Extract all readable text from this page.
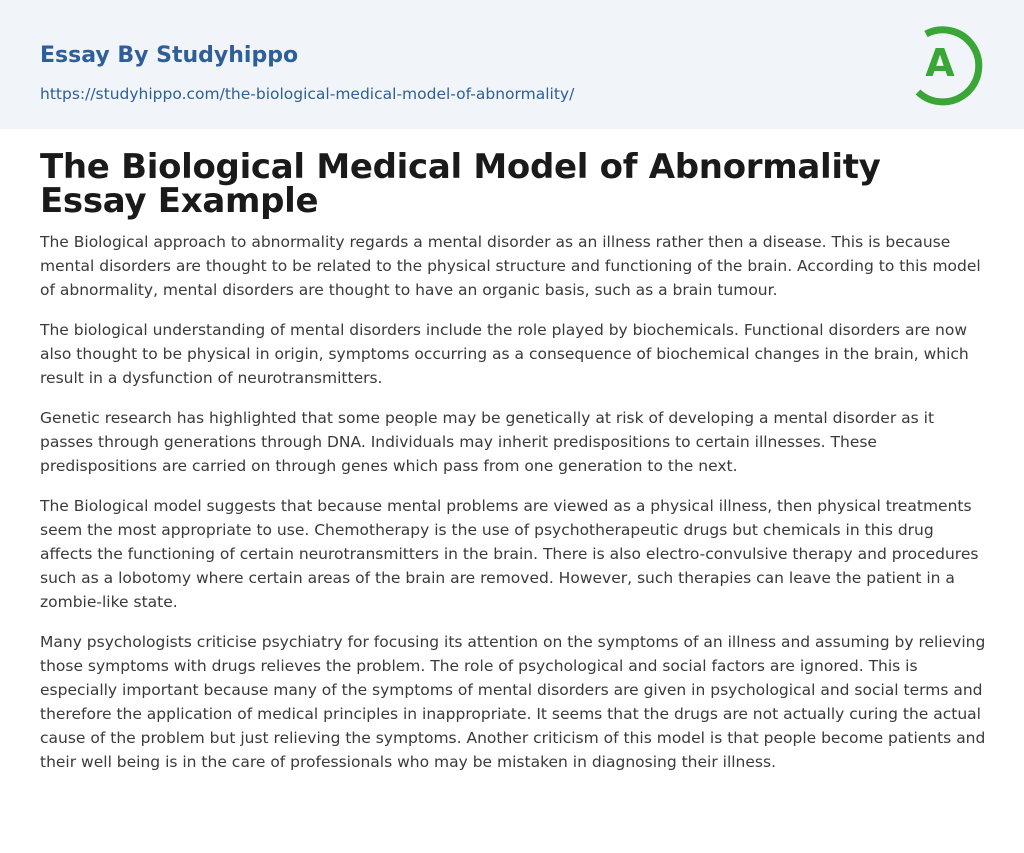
Essay By Studyhippo
https://studyhippo.com/the-biological-medical-model-of-abnormality/
A
The Biological Medical Model of Abnormality Essay Example

The Biological approach to abnormality regards a mental disorder as an illness rather then a disease. This is because mental disorders are thought to be related to the physical structure and functioning of the brain. According to this model of abnormality, mental disorders are thought to have an organic basis, such as a brain tumour.

The biological understanding of mental disorders include the role played by biochemicals. Functional disorders are now also thought to be physical in origin, symptoms occurring as a consequence of biochemical changes in the brain, which result in a dysfunction of neurotransmitters.

Genetic research has highlighted that some people may be genetically at risk of developing a mental disorder as it passes through generations through DNA. Individuals may inherit predispositions to certain illnesses. These predispositions are carried on through genes which pass from one generation to the next.

The Biological model suggests that because mental problems are viewed as a physical illness, then physical treatments seem the most appropriate to use. Chemotherapy is the use of psychotherapeutic drugs but chemicals in this drug affects the functioning of certain neurotransmitters in the brain. There is also electro-convulsive therapy and procedures such as a lobotomy where certain areas of the brain are removed. However, such therapies can leave the patient in a zombie-like state.

Many psychologists criticise psychiatry for focusing its attention on the symptoms of an illness and assuming by relieving those symptoms with drugs relieves the problem. The role of psychological and social factors are ignored. This is especially important because many of the symptoms of mental disorders are given in psychological and social terms and therefore the application of medical principles in inappropriate. It seems that the drugs are not actually curing the actual cause of the problem but just relieving the symptoms. Another criticism of this model is that people become patients and their well being is in the care of professionals who may be mistaken in diagnosing their illness.
